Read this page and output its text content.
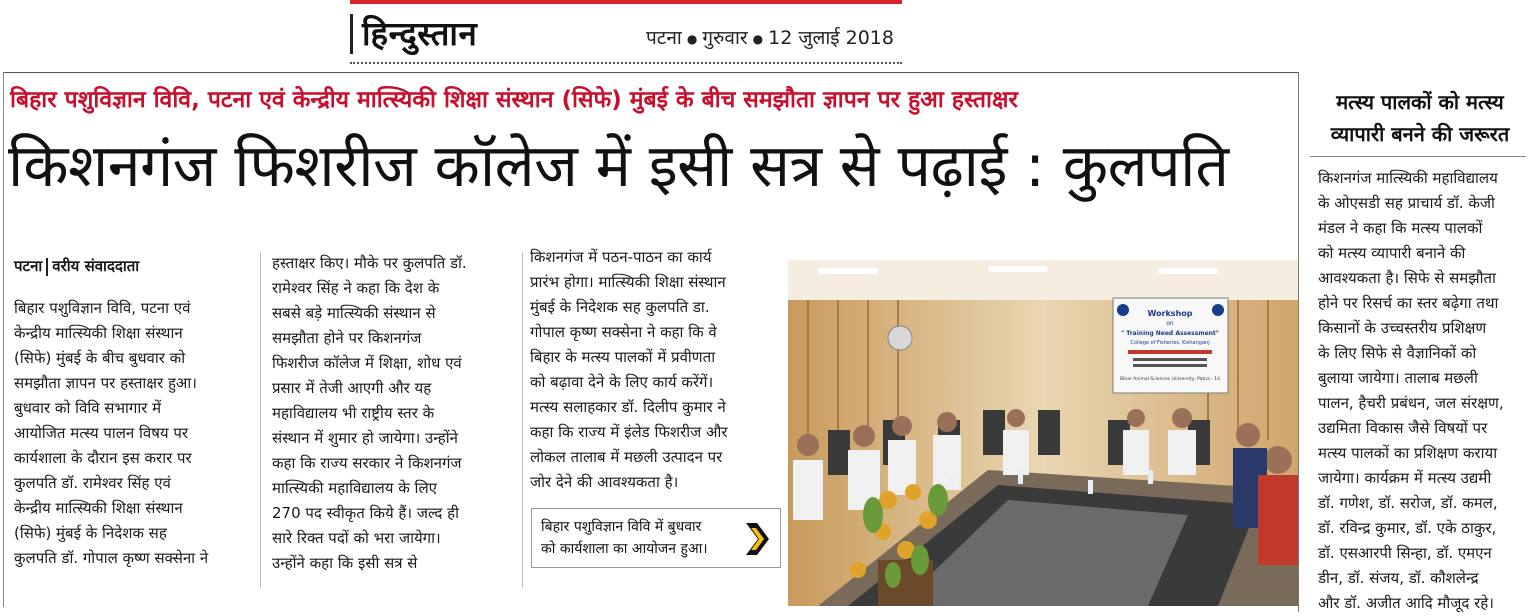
हिन्दुस्तान	पटना ● गुरुवार ● 12 जुलाई 2018
बिहार पशुविज्ञान विवि, पटना एवं केन्द्रीय मात्स्यिकी शिक्षा संस्थान (सिफे) मुंबई के बीच समझौता ज्ञापन पर हुआ हस्ताक्षर
किशनगंज फिशरीज कॉलेज में इसी सत्र से पढ़ाई : कुलपति
पटना वरीय संवाददाता

बिहार पशुविज्ञान विवि, पटना एवं

केन्द्रीय मात्स्यिकी शिक्षा संस्थान

(सिफे) मुंबई के बीच बुधवार को

समझौता ज्ञापन पर हस्ताक्षर हुआ।

बुधवार को विवि सभागार में

आयोजित मत्स्य पालन विषय पर

कार्यशाला के दौरान इस करार पर

कुलपति डॉ. रामेश्वर सिंह एवं

केन्द्रीय मात्स्यिकी शिक्षा संस्थान

(सिफे) मुंबई के निदेशक सह

कुलपति डॉ. गोपाल कृष्ण सक्सेना ने

हस्ताक्षर किए। मौके पर कुलपति डॉ.

रामेश्वर सिंह ने कहा कि देश के

सबसे बड़े मात्स्यिकी संस्थान से

समझौता होने पर किशनगंज

फिशरीज कॉलेज में शिक्षा, शोध एवं

प्रसार में तेजी आएगी और यह

महाविद्यालय भी राष्ट्रीय स्तर के

संस्थान में शुमार हो जायेगा। उन्होंने

कहा कि राज्य सरकार ने किशनगंज

मात्स्यिकी महाविद्यालय के लिए

270 पद स्वीकृत किये हैं। जल्द ही

सारे रिक्त पदों को भरा जायेगा।

उन्होंने कहा कि इसी सत्र से

किशनगंज में पठन-पाठन का कार्य

प्रारंभ होगा। मात्स्यिकी शिक्षा संस्थान

मुंबई के निदेशक सह कुलपति डा.

गोपाल कृष्ण सक्सेना ने कहा कि वे

बिहार के मत्स्य पालकों में प्रवीणता

को बढ़ावा देने के लिए कार्य करेंगें।

मत्स्य सलाहकार डॉ. दिलीप कुमार ने

कहा कि राज्य में इंलेड फिशरीज और

लोकल तालाब में मछली उत्पादन पर

जोर देने की आवश्यकता है।

बिहार पशुविज्ञान विवि में बुधवार
को कार्यशाला का आयोजन हुआ।
Workshop
on
" Training Need Assessment"
College of Fisheries, Kishanganj
Bihar Animal Sciences University, Patna - 14
मत्स्य पालकों को मत्स्य
व्यापारी बनने की जरूरत

किशनगंज मात्स्यिकी महाविद्यालय

के ओएसडी सह प्राचार्य डॉ. केजी

मंडल ने कहा कि मत्स्य पालकों

को मत्स्य व्यापारी बनाने की

आवश्यकता है। सिफे से समझौता

होने पर रिसर्च का स्तर बढ़ेगा तथा

किसानों के उच्चस्तरीय प्रशिक्षण

के लिए सिफे से वैज्ञानिकों को

बुलाया जायेगा। तालाब मछली

पालन, हैचरी प्रबंधन, जल संरक्षण,

उद्यमिता विकास जैसे विषयों पर

मत्स्य पालकों का प्रशिक्षण कराया

जायेगा। कार्यक्रम में मत्स्य उद्यमी

डॉ. गणेश, डॉ. सरोज, डॉ. कमल,

डॉ. रविन्द्र कुमार, डॉ. एके ठाकुर,

डॉ. एसआरपी सिन्हा, डॉ. एमएन

डीन, डॉ. संजय, डॉ. कौशलेन्द्र

और डॉ. अजीत आदि मौजूद रहे।
